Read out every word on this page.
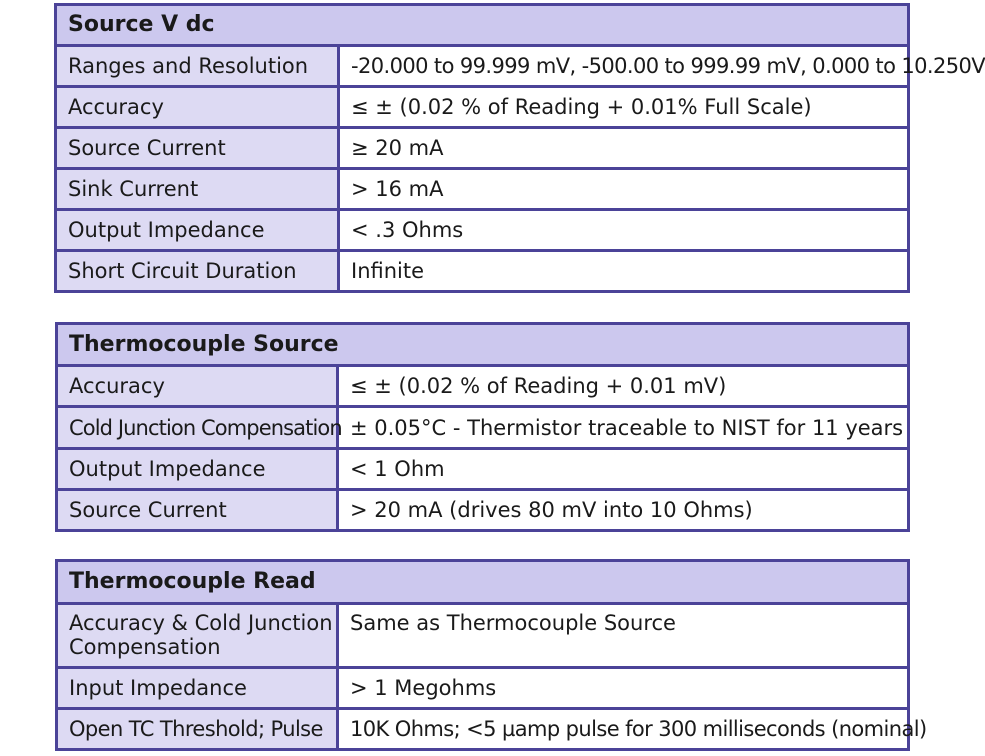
Source V dc	
Ranges and Resolution	-20.000 to 99.999 mV, -500.00 to 999.99 mV, 0.000 to 10.250V
Accuracy	≤ ± (0.02 % of Reading + 0.01% Full Scale)
Source Current	≥ 20 mA
Sink Current	> 16 mA
Output Impedance	< .3 Ohms
Short Circuit Duration	Infinite
Thermocouple Source	
Accuracy	≤ ± (0.02 % of Reading + 0.01 mV)
Cold Junction Compensation	± 0.05°C - Thermistor traceable to NIST for 11 years
Output Impedance	< 1 Ohm
Source Current	> 20 mA (drives 80 mV into 10 Ohms)
Thermocouple Read	
Accuracy & Cold Junction Compensation	Same as Thermocouple Source
Input Impedance	> 1 Megohms
Open TC Threshold; Pulse	10K Ohms; <5 µamp pulse for 300 milliseconds (nominal)
